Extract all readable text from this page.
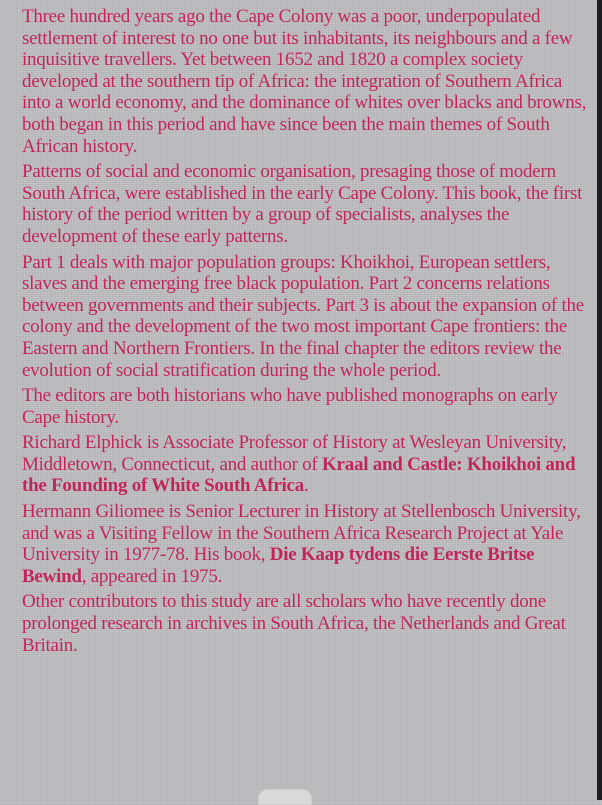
Three hundred years ago the Cape Colony was a poor, underpopulated settlement of interest to no one but its inhabitants, its neighbours and a few inquisitive travellers. Yet between 1652 and 1820 a complex society developed at the southern tip of Africa: the integration of Southern Africa into a world economy, and the dominance of whites over blacks and browns, both began in this period and have since been the main themes of South African history.

Patterns of social and economic organisation, presaging those of modern South Africa, were established in the early Cape Colony. This book, the first history of the period written by a group of specialists, analyses the development of these early patterns.

Part 1 deals with major population groups: Khoikhoi, European settlers, slaves and the emerging free black population. Part 2 concerns relations between governments and their subjects. Part 3 is about the expansion of the colony and the development of the two most important Cape frontiers: the Eastern and Northern Frontiers. In the final chapter the editors review the evolution of social stratification during the whole period.

The editors are both historians who have published monographs on early Cape history.

Richard Elphick is Associate Professor of History at Wesleyan University, Middletown, Connecticut, and author of Kraal and Castle: Khoikhoi and the Founding of White South Africa.

Hermann Giliomee is Senior Lecturer in History at Stellenbosch University, and was a Visiting Fellow in the Southern Africa Research Project at Yale University in 1977-78. His book, Die Kaap tydens die Eerste Britse Bewind, appeared in 1975.

Other contributors to this study are all scholars who have recently done prolonged research in archives in South Africa, the Netherlands and Great Britain.
